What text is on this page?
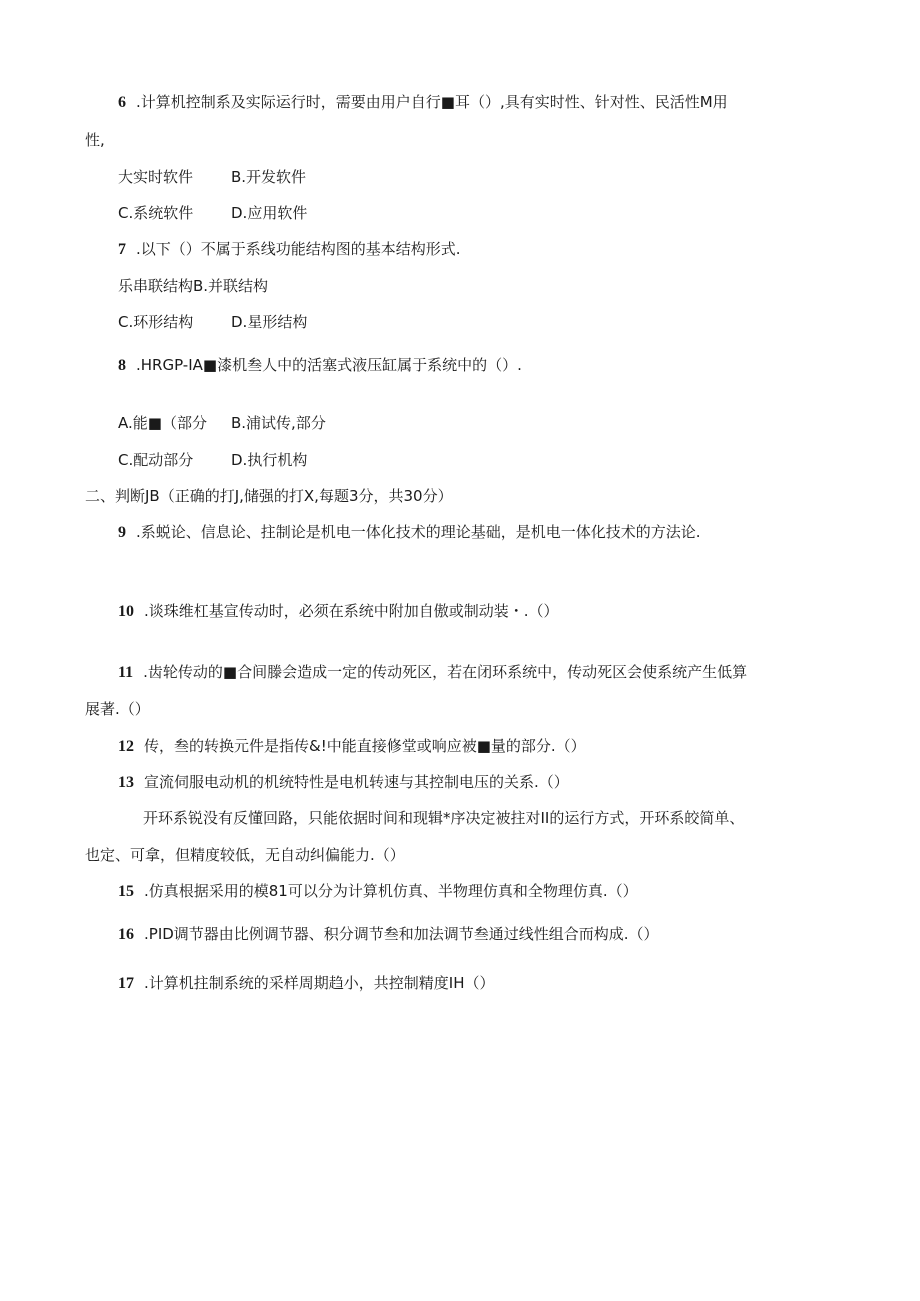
6 .计算机控制系及实际运行时，需要由用户自行■耳（）,具有实时性、针对性、民活性M用
性,
大实时软件	B.开发软件
C.系统软件	D.应用软件
7 .以下（）不属于系线功能结构图的基本结构形式.
乐串联结构B.并联结构
C.环形结构	D.星形结构
8 .HRGP-IA■漆机叁人中的活塞式液压缸属于系统中的（）.
A.能■（部分 B.浦试传,部分
C.配动部分	D.执行机构
二、判断JB（正确的打J,储强的打X,每题3分，共30分）
9 .系蜕论、信息论、拄制论是机电一体化技术的理论基础，是机电一体化技术的方法论.
10 .谈珠维杠基宣传动时，必须在系统中附加自傲或制动装・.（）
11 .齿轮传动的■合间滕会造成一定的传动死区，若在闭环系统中，传动死区会使系统产生低算
展著.（）
12 传，叁的转换元件是指传&!中能直接修堂或响应被■量的部分.（）
13 宣流伺服电动机的机统特性是电机转速与其控制电压的关系.（）
开环系锐没有反懂回路，只能依据时间和现辑*序决定被拄对II的运行方式，开环系皎简单、
也定、可拿，但精度较低，无自动纠偏能力.（）
15 .仿真根据采用的模81可以分为计算机仿真、半物理仿真和全物理仿真.（）
16 .PID调节器由比例调节器、积分调节叁和加法调节叁通过线性组合而构成.（）
17 .计算机拄制系统的采样周期趋小，共控制精度IH（）
